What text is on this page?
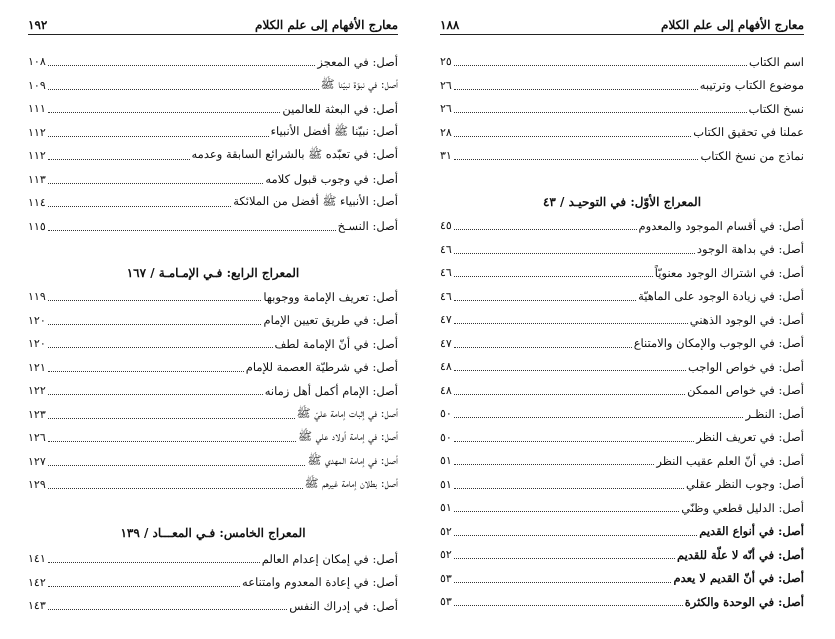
معارج الأفهام إلى علم الكلام
١٩٢
أصل: في المعجز
١٠٨
أصل: في نبوّة نبيّنا ﷺ
١٠٩
أصل: في البعثة للعالمين
١١١
أصل: نبيّنا ﷺ أفضل الأنبياء
١١٢
أصل: في تعبّده ﷺ بالشرائع السابقة وعدمه
١١٢
أصل: في وجوب قبول كلامه
١١٣
أصل: الأنبياء ﷺ أفضل من الملائكة
١١٤
أصل: النسـخ
١١٥
المعراج الرابع: فـي الإمـامـة / ١٦٧
أصل: تعريف الإمامة ووجوبها
١١٩
أصل: في طريق تعيين الإمام
١٢٠
أصل: في أنّ الإمامة لطف
١٢٠
أصل: في شرطيّة العصمة للإمام
١٢١
أصل: الإمام أكمل أهل زمانه
١٢٢
أصل: في إثبات إمامة عليّ ﷺ
١٢٣
أصل: في إمامة أولاد علي ﷺ
١٢٦
أصل: في إمامة المهدي ﷺ
١٢٧
أصل: بطلان إمامة غيرهم ﷺ
١٢٩
المعراج الخامس: فـي المعـــاد / ١٣٩
أصل: في إمكان إعدام العالم
١٤١
أصل: في إعادة المعدوم وامتناعه
١٤٢
أصل: في إدراك النفس
١٤٣
معارج الأفهام إلى علم الكلام
١٨٨
اسم الكتاب
٢٥
موضوع الكتاب وترتيبه
٢٦
نسخ الكتاب
٢٦
عملنا في تحقيق الكتاب
٢٨
نماذج من نسخ الكتاب
٣١
المعراج الأوّل: في التوحيـد / ٤٣
أصل: في أقسام الموجود والمعدوم
٤٥
أصل: في بداهة الوجود
٤٦
أصل: في اشتراك الوجود معنويّاً
٤٦
أصل: في زيادة الوجود على الماهيّة
٤٦
أصل: في الوجود الذهني
٤٧
أصل: في الوجوب والإمكان والامتناع
٤٧
أصل: في خواص الواجب
٤٨
أصل: في خواص الممكن
٤٨
أصل: النظـر
٥٠
أصل: في تعريف النظر
٥٠
أصل: في أنّ العلم عقيب النظر
٥١
أصل: وجوب النظر عقلي
٥١
أصل: الدليل قطعي وظنّي
٥١
أصل: في أنواع القديم
٥٢
أصل: في أنّه لا علّة للقديم
٥٢
أصل: في أنّ القديم لا يعدم
٥٣
أصل: في الوحدة والكثرة
٥٣
